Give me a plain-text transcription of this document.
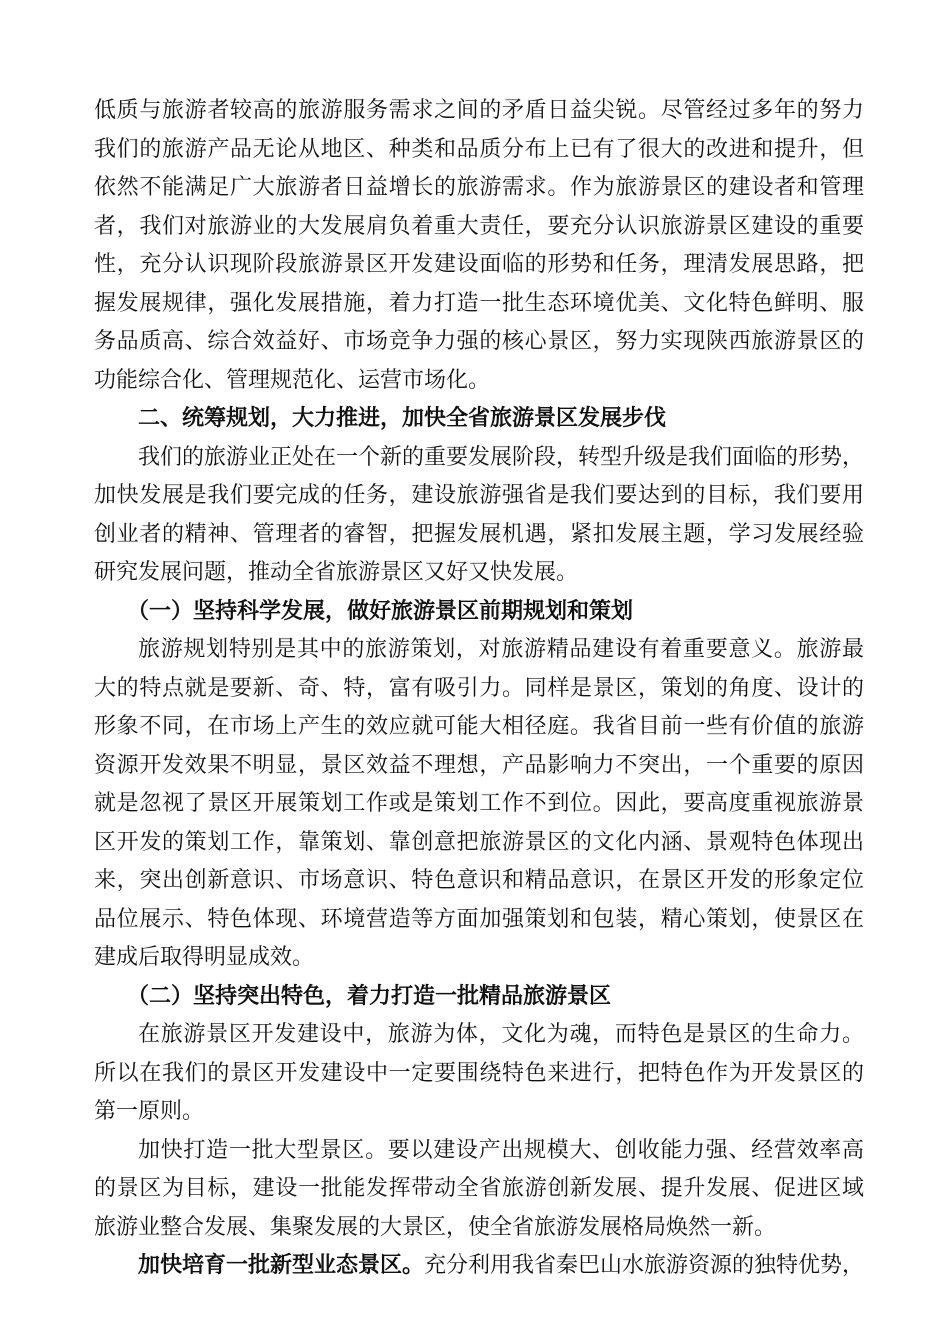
低质与旅游者较高的旅游服务需求之间的矛盾日益尖锐。尽管经过多年的努力
我们的旅游产品无论从地区、种类和品质分布上已有了很大的改进和提升，但
依然不能满足广大旅游者日益增长的旅游需求。作为旅游景区的建设者和管理
者，我们对旅游业的大发展肩负着重大责任，要充分认识旅游景区建设的重要
性，充分认识现阶段旅游景区开发建设面临的形势和任务，理清发展思路，把
握发展规律，强化发展措施，着力打造一批生态环境优美、文化特色鲜明、服
务品质高、综合效益好、市场竞争力强的核心景区，努力实现陕西旅游景区的
功能综合化、管理规范化、运营市场化。
二、统筹规划，大力推进，加快全省旅游景区发展步伐
我们的旅游业正处在一个新的重要发展阶段，转型升级是我们面临的形势，
加快发展是我们要完成的任务，建设旅游强省是我们要达到的目标，我们要用
创业者的精神、管理者的睿智，把握发展机遇，紧扣发展主题，学习发展经验
研究发展问题，推动全省旅游景区又好又快发展。
（一）坚持科学发展，做好旅游景区前期规划和策划
旅游规划特别是其中的旅游策划，对旅游精品建设有着重要意义。旅游最
大的特点就是要新、奇、特，富有吸引力。同样是景区，策划的角度、设计的
形象不同，在市场上产生的效应就可能大相径庭。我省目前一些有价值的旅游
资源开发效果不明显，景区效益不理想，产品影响力不突出，一个重要的原因
就是忽视了景区开展策划工作或是策划工作不到位。因此，要高度重视旅游景
区开发的策划工作，靠策划、靠创意把旅游景区的文化内涵、景观特色体现出
来，突出创新意识、市场意识、特色意识和精品意识，在景区开发的形象定位
品位展示、特色体现、环境营造等方面加强策划和包装，精心策划，使景区在
建成后取得明显成效。
（二）坚持突出特色，着力打造一批精品旅游景区
在旅游景区开发建设中，旅游为体，文化为魂，而特色是景区的生命力。
所以在我们的景区开发建设中一定要围绕特色来进行，把特色作为开发景区的
第一原则。
加快打造一批大型景区。要以建设产出规模大、创收能力强、经营效率高
的景区为目标，建设一批能发挥带动全省旅游创新发展、提升发展、促进区域
旅游业整合发展、集聚发展的大景区，使全省旅游发展格局焕然一新。
加快培育一批新型业态景区。充分利用我省秦巴山水旅游资源的独特优势，
